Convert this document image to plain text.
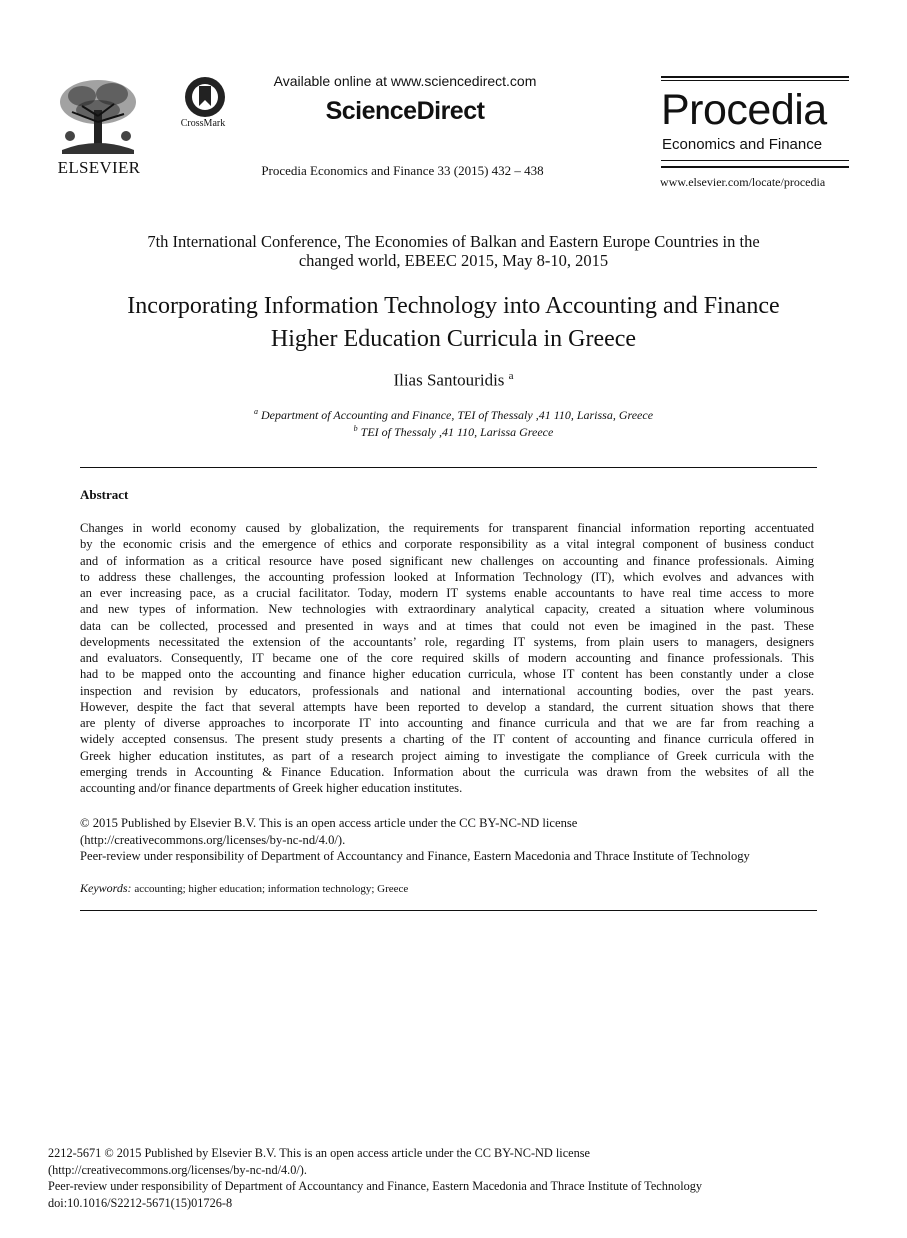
ELSEVIER
CrossMark
Available online at www.sciencedirect.com
ScienceDirect
Procedia Economics and Finance 33 (2015) 432 – 438
Procedia
Economics and Finance
www.elsevier.com/locate/procedia
7th International Conference, The Economies of Balkan and Eastern Europe Countries in the
changed world, EBEEC 2015, May 8-10, 2015
Incorporating Information Technology into Accounting and Finance
Higher Education Curricula in Greece
Ilias Santouridis $^a$
$^a$ Department of Accounting and Finance, TEI of Thessaly ,41 110, Larissa, Greece
$^b$ TEI of Thessaly ,41 110, Larissa Greece
Abstract
Changes in world economy caused by globalization, the requirements for transparent financial information reporting accentuated
by the economic crisis and the emergence of ethics and corporate responsibility as a vital integral component of business conduct
and of information as a critical resource have posed significant new challenges on accounting and finance professionals. Aiming
to address these challenges, the accounting profession looked at Information Technology (IT), which evolves and advances with
an ever increasing pace, as a crucial facilitator. Today, modern IT systems enable accountants to have real time access to more
and new types of information. New technologies with extraordinary analytical capacity, created a situation where voluminous
data can be collected, processed and presented in ways and at times that could not even be imagined in the past. These
developments necessitated the extension of the accountants’ role, regarding IT systems, from plain users to managers, designers
and evaluators. Consequently, IT became one of the core required skills of modern accounting and finance professionals. This
had to be mapped onto the accounting and finance higher education curricula, whose IT content has been constantly under a close
inspection and revision by educators, professionals and national and international accounting bodies, over the past years.
However, despite the fact that several attempts have been reported to develop a standard, the current situation shows that there
are plenty of diverse approaches to incorporate IT into accounting and finance curricula and that we are far from reaching a
widely accepted consensus. The present study presents a charting of the IT content of accounting and finance curricula offered in
Greek higher education institutes, as part of a research project aiming to investigate the compliance of Greek curricula with the
emerging trends in Accounting & Finance Education. Information about the curricula was drawn from the websites of all the
accounting and/or finance departments of Greek higher education institutes.
© 2015 Published by Elsevier B.V. This is an open access article under the CC BY-NC-ND license
(http://creativecommons.org/licenses/by-nc-nd/4.0/).
Peer-review under responsibility of Department of Accountancy and Finance, Eastern Macedonia and Thrace Institute of Technology
Keywords: accounting; higher education; information technology; Greece
2212-5671 © 2015 Published by Elsevier B.V. This is an open access article under the CC BY-NC-ND license
(http://creativecommons.org/licenses/by-nc-nd/4.0/).
Peer-review under responsibility of Department of Accountancy and Finance, Eastern Macedonia and Thrace Institute of Technology
doi:10.1016/S2212-5671(15)01726-8
